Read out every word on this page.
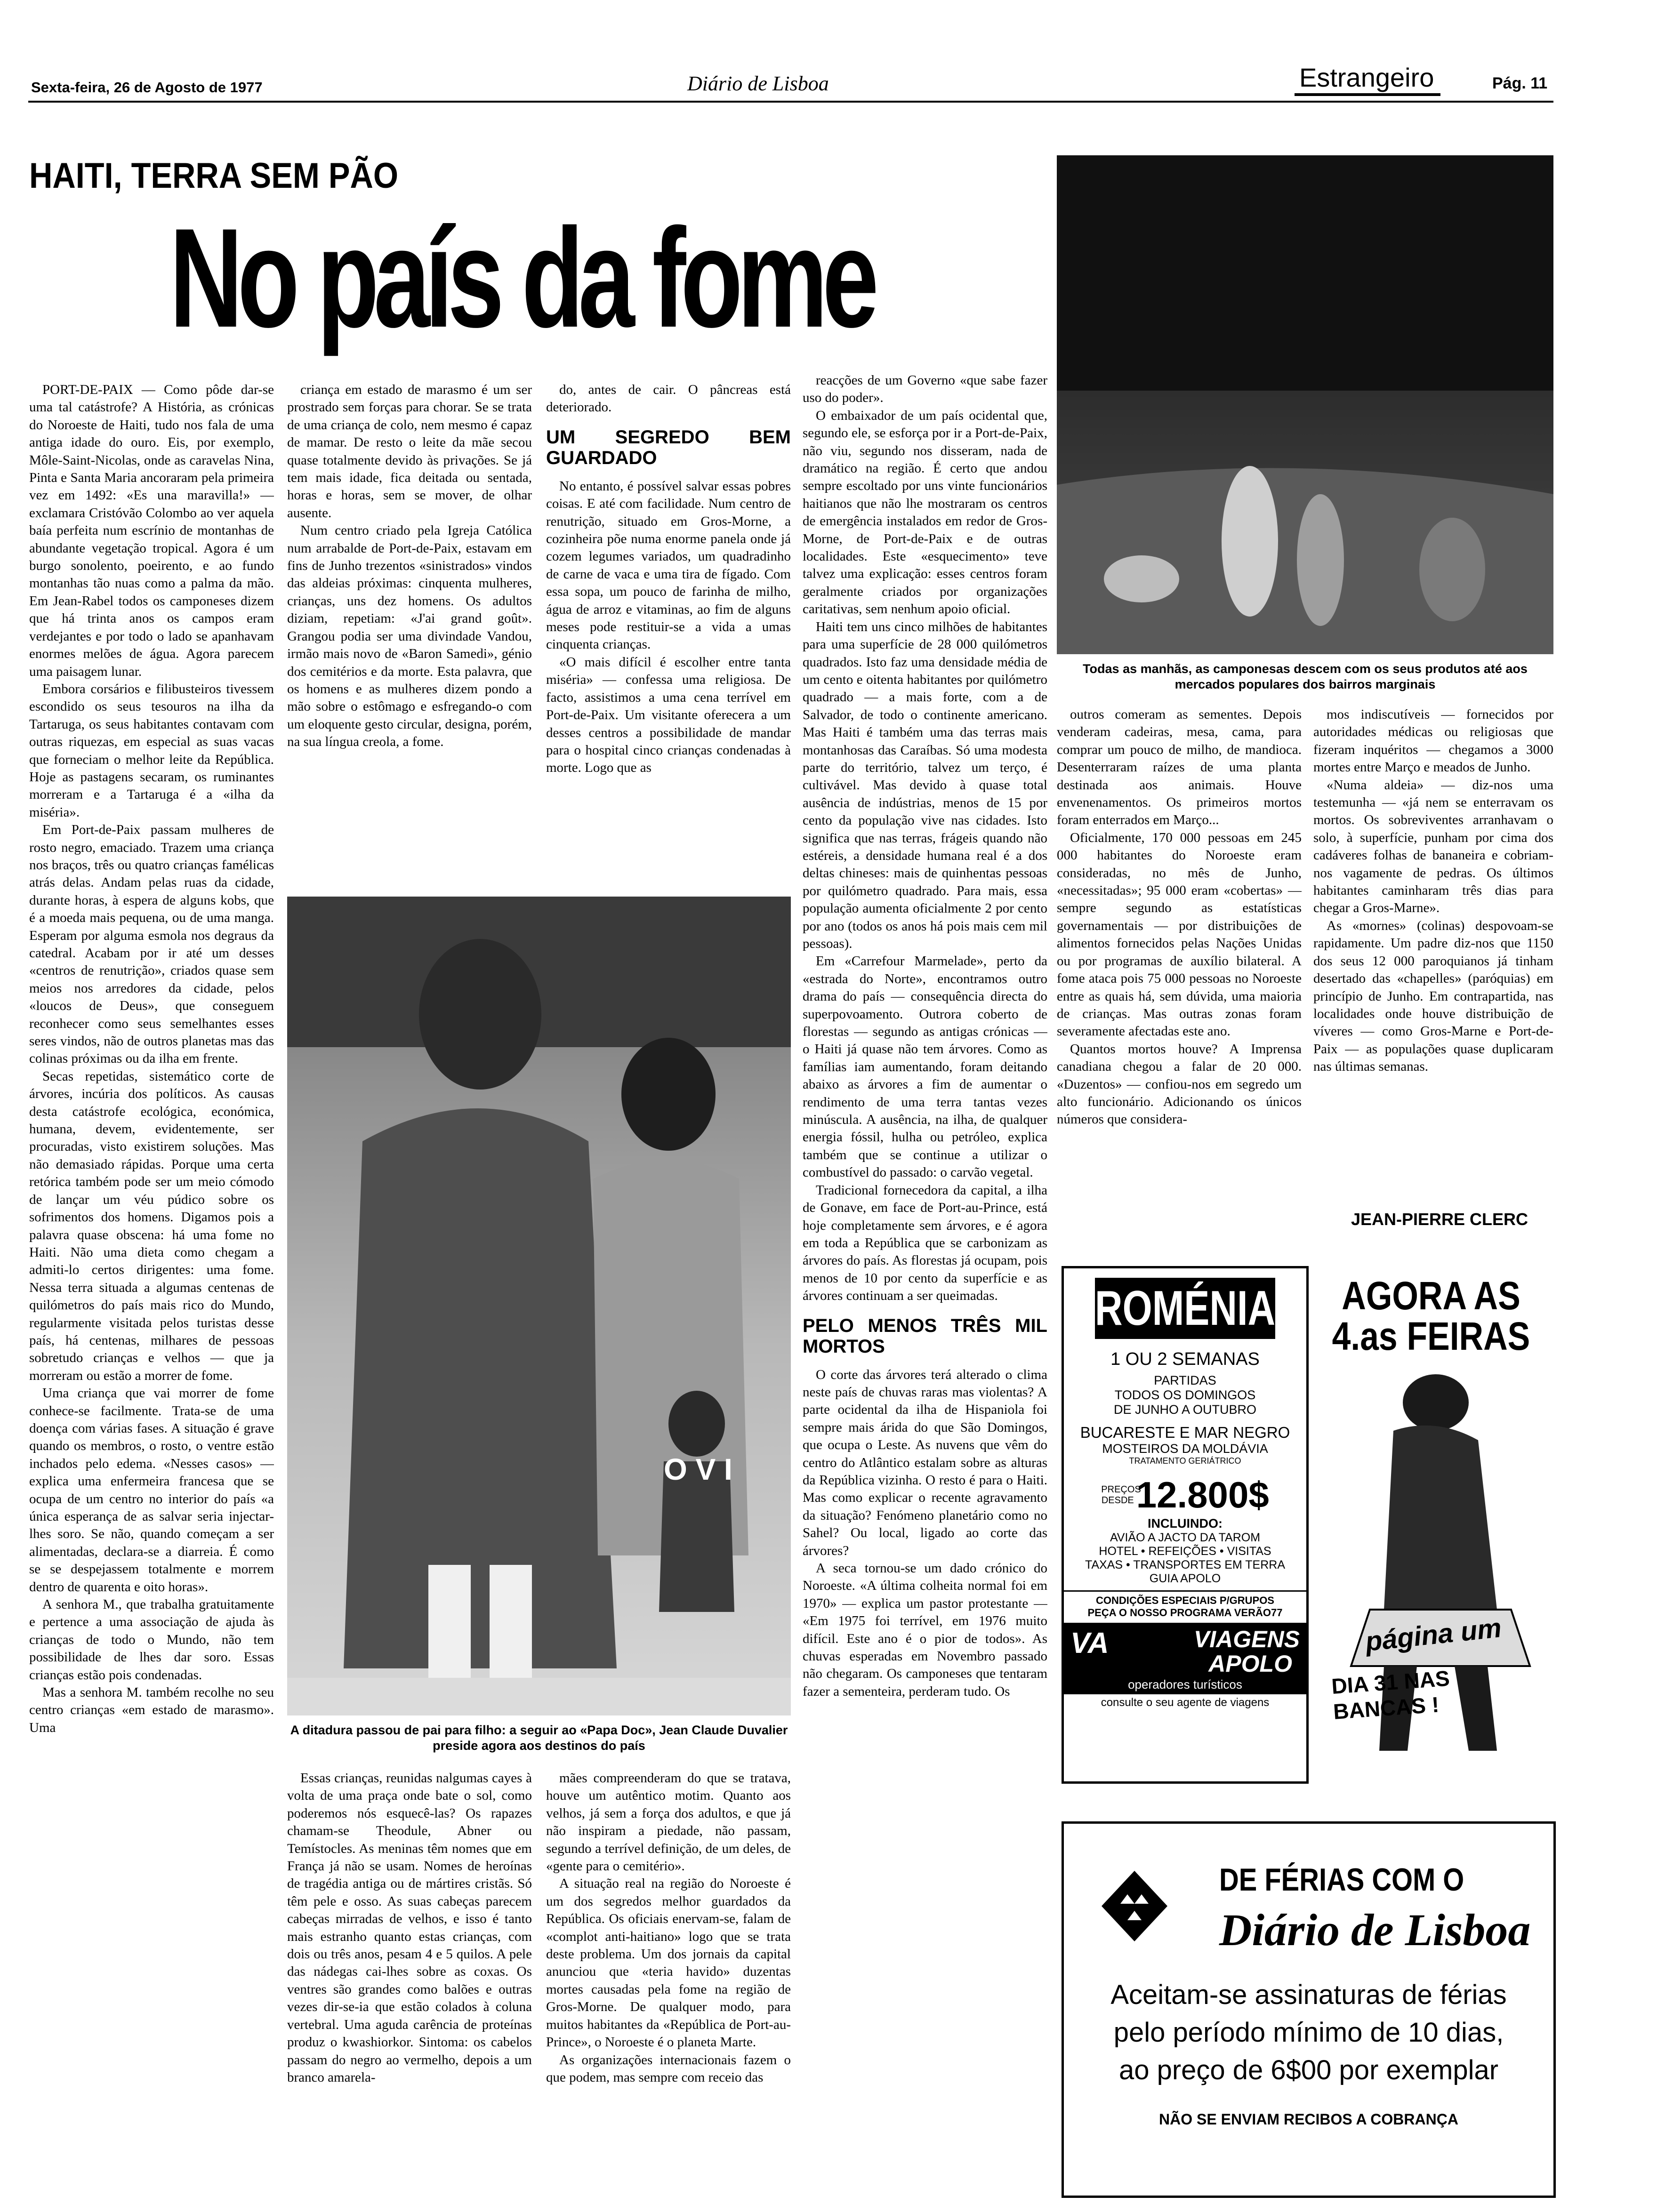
Sexta-feira, 26 de Agosto de 1977	Diário de Lisboa	Estrangeiro	Pág. 11
HAITI, TERRA SEM PÃO
No país da fome

PORT-DE-PAIX — Como pôde dar-se uma tal catástrofe? A História, as crónicas do Noroeste de Haiti, tudo nos fala de uma antiga idade do ouro. Eis, por exemplo, Môle-Saint-Nicolas, onde as caravelas Nina, Pinta e Santa Maria ancoraram pela primeira vez em 1492: «Es una maravilla!» — exclamara Cristóvão Colombo ao ver aquela baía perfeita num escrínio de montanhas de abundante vegetação tropical. Agora é um burgo sonolento, poeirento, e ao fundo montanhas tão nuas como a palma da mão. Em Jean-Rabel todos os camponeses dizem que há trinta anos os campos eram verdejantes e por todo o lado se apanhavam enormes melões de água. Agora parecem uma paisagem lunar.

Embora corsários e filibusteiros tivessem escondido os seus tesouros na ilha da Tartaruga, os seus habitantes contavam com outras riquezas, em especial as suas vacas que forneciam o melhor leite da República. Hoje as pastagens secaram, os ruminantes morreram e a Tartaruga é a «ilha da miséria».

Em Port-de-Paix passam mulheres de rosto negro, emaciado. Trazem uma criança nos braços, três ou quatro crianças famélicas atrás delas. Andam pelas ruas da cidade, durante horas, à espera de alguns kobs, que é a moeda mais pequena, ou de uma manga. Esperam por alguma esmola nos degraus da catedral. Acabam por ir até um desses «centros de renutrição», criados quase sem meios nos arredores da cidade, pelos «loucos de Deus», que conseguem reconhecer como seus semelhantes esses seres vindos, não de outros planetas mas das colinas próximas ou da ilha em frente.

Secas repetidas, sistemático corte de árvores, incúria dos políticos. As causas desta catástrofe ecológica, económica, humana, devem, evidentemente, ser procuradas, visto existirem soluções. Mas não demasiado rápidas. Porque uma certa retórica também pode ser um meio cómodo de lançar um véu púdico sobre os sofrimentos dos homens. Digamos pois a palavra quase obscena: há uma fome no Haiti. Não uma dieta como chegam a admiti-lo certos dirigentes: uma fome. Nessa terra situada a algumas centenas de quilómetros do país mais rico do Mundo, regularmente visitada pelos turistas desse país, há centenas, milhares de pessoas sobretudo crianças e velhos — que ja morreram ou estão a morrer de fome.

Uma criança que vai morrer de fome conhece-se facilmente. Trata-se de uma doença com várias fases. A situação é grave quando os membros, o rosto, o ventre estão inchados pelo edema. «Nesses casos» — explica uma enfermeira francesa que se ocupa de um centro no interior do país «a única esperança de as salvar seria injectar-lhes soro. Se não, quando começam a ser alimentadas, declara-se a diarreia. É como se se despejassem totalmente e morrem dentro de quarenta e oito horas».

A senhora M., que trabalha gratuitamente e pertence a uma associação de ajuda às crianças de todo o Mundo, não tem possibilidade de lhes dar soro. Essas crianças estão pois condenadas.

Mas a senhora M. também recolhe no seu centro crianças «em estado de marasmo». Uma

criança em estado de marasmo é um ser prostrado sem forças para chorar. Se se trata de uma criança de colo, nem mesmo é capaz de mamar. De resto o leite da mãe secou quase totalmente devido às privações. Se já tem mais idade, fica deitada ou sentada, horas e horas, sem se mover, de olhar ausente.

Num centro criado pela Igreja Católica num arrabalde de Port-de-Paix, estavam em fins de Junho trezentos «sinistrados» vindos das aldeias próximas: cinquenta mulheres, crianças, uns dez homens. Os adultos diziam, repetiam: «J'ai grand goût». Grangou podia ser uma divindade Vandou, irmão mais novo de «Baron Samedi», génio dos cemitérios e da morte. Esta palavra, que os homens e as mulheres dizem pondo a mão sobre o estômago e esfregando-o com um eloquente gesto circular, designa, porém, na sua língua creola, a fome.

do, antes de cair. O pâncreas está deteriorado.

UM SEGREDO BEM GUARDADO

No entanto, é possível salvar essas pobres coisas. E até com facilidade. Num centro de renutrição, situado em Gros-Morne, a cozinheira põe numa enorme panela onde já cozem legumes variados, um quadradinho de carne de vaca e uma tira de fígado. Com essa sopa, um pouco de farinha de milho, água de arroz e vitaminas, ao fim de alguns meses pode restituir-se a vida a umas cinquenta crianças.

«O mais difícil é escolher entre tanta miséria» — confessa uma religiosa. De facto, assistimos a uma cena terrível em Port-de-Paix. Um visitante oferecera a um desses centros a possibilidade de mandar para o hospital cinco crianças condenadas à morte. Logo que as

O V I
A ditadura passou de pai para filho: a seguir ao «Papa Doc», Jean Claude Duvalier preside agora aos destinos do país

Essas crianças, reunidas nalgumas cayes à volta de uma praça onde bate o sol, como poderemos nós esquecê-las? Os rapazes chamam-se Theodule, Abner ou Temístocles. As meninas têm nomes que em França já não se usam. Nomes de heroínas de tragédia antiga ou de mártires cristãs. Só têm pele e osso. As suas cabeças parecem cabeças mirradas de velhos, e isso é tanto mais estranho quanto estas crianças, com dois ou três anos, pesam 4 e 5 quilos. A pele das nádegas cai-lhes sobre as coxas. Os ventres são grandes como balões e outras vezes dir-se-ia que estão colados à coluna vertebral. Uma aguda carência de proteínas produz o kwashiorkor. Sintoma: os cabelos passam do negro ao vermelho, depois a um branco amarela-

mães compreenderam do que se tratava, houve um autêntico motim. Quanto aos velhos, já sem a força dos adultos, e que já não inspiram a piedade, não passam, segundo a terrível definição, de um deles, de «gente para o cemitério».

A situação real na região do Noroeste é um dos segredos melhor guardados da República. Os oficiais enervam-se, falam de «complot anti-haitiano» logo que se trata deste problema. Um dos jornais da capital anunciou que «teria havido» duzentas mortes causadas pela fome na região de Gros-Morne. De qualquer modo, para muitos habitantes da «República de Port-au-Prince», o Noroeste é o planeta Marte.

As organizações internacionais fazem o que podem, mas sempre com receio das

reacções de um Governo «que sabe fazer uso do poder».

O embaixador de um país ocidental que, segundo ele, se esforça por ir a Port-de-Paix, não viu, segundo nos disseram, nada de dramático na região. É certo que andou sempre escoltado por uns vinte funcionários haitianos que não lhe mostraram os centros de emergência instalados em redor de Gros-Morne, de Port-de-Paix e de outras localidades. Este «esquecimento» teve talvez uma explicação: esses centros foram geralmente criados por organizações caritativas, sem nenhum apoio oficial.

Haiti tem uns cinco milhões de habitantes para uma superfície de 28 000 quilómetros quadrados. Isto faz uma densidade média de um cento e oitenta habitantes por quilómetro quadrado — a mais forte, com a de Salvador, de todo o continente americano. Mas Haiti é também uma das terras mais montanhosas das Caraíbas. Só uma modesta parte do território, talvez um terço, é cultivável. Mas devido à quase total ausência de indústrias, menos de 15 por cento da população vive nas cidades. Isto significa que nas terras, frágeis quando não estéreis, a densidade humana real é a dos deltas chineses: mais de quinhentas pessoas por quilómetro quadrado. Para mais, essa população aumenta oficialmente 2 por cento por ano (todos os anos há pois mais cem mil pessoas).

Em «Carrefour Marmelade», perto da «estrada do Norte», encontramos outro drama do país — consequência directa do superpovoamento. Outrora coberto de florestas — segundo as antigas crónicas — o Haiti já quase não tem árvores. Como as famílias iam aumentando, foram deitando abaixo as árvores a fim de aumentar o rendimento de uma terra tantas vezes minúscula. A ausência, na ilha, de qualquer energia fóssil, hulha ou petróleo, explica também que se continue a utilizar o combustível do passado: o carvão vegetal.

Tradicional fornecedora da capital, a ilha de Gonave, em face de Port-au-Prince, está hoje completamente sem árvores, e é agora em toda a República que se carbonizam as árvores do país. As florestas já ocupam, pois menos de 10 por cento da superfície e as árvores continuam a ser queimadas.

PELO MENOS TRÊS MIL MORTOS

O corte das árvores terá alterado o clima neste país de chuvas raras mas violentas? A parte ocidental da ilha de Hispaniola foi sempre mais árida do que São Domingos, que ocupa o Leste. As nuvens que vêm do centro do Atlântico estalam sobre as alturas da República vizinha. O resto é para o Haiti. Mas como explicar o recente agravamento da situação? Fenómeno planetário como no Sahel? Ou local, ligado ao corte das árvores?

A seca tornou-se um dado crónico do Noroeste. «A última colheita normal foi em 1970» — explica um pastor protestante — «Em 1975 foi terrível, em 1976 muito difícil. Este ano é o pior de todos». As chuvas esperadas em Novembro passado não chegaram. Os camponeses que tentaram fazer a sementeira, perderam tudo. Os

Todas as manhãs, as camponesas descem com os seus produtos até aos mercados populares dos bairros marginais

outros comeram as sementes. Depois venderam cadeiras, mesa, cama, para comprar um pouco de milho, de mandioca. Desenterraram raízes de uma planta destinada aos animais. Houve envenenamentos. Os primeiros mortos foram enterrados em Março...

Oficialmente, 170 000 pessoas em 245 000 habitantes do Noroeste eram consideradas, no mês de Junho, «necessitadas»; 95 000 eram «cobertas» — sempre segundo as estatísticas governamentais — por distribuições de alimentos fornecidos pelas Nações Unidas ou por programas de auxílio bilateral. A fome ataca pois 75 000 pessoas no Noroeste entre as quais há, sem dúvida, uma maioria de crianças. Mas outras zonas foram severamente afectadas este ano.

Quantos mortos houve? A Imprensa canadiana chegou a falar de 20 000. «Duzentos» — confiou-nos em segredo um alto funcionário. Adicionando os únicos números que considera-

mos indiscutíveis — fornecidos por autoridades médicas ou religiosas que fizeram inquéritos — chegamos a 3000 mortes entre Março e meados de Junho.

«Numa aldeia» — diz-nos uma testemunha — «já nem se enterravam os mortos. Os sobreviventes arranhavam o solo, à superfície, punham por cima dos cadáveres folhas de bananeira e cobriam-nos vagamente de pedras. Os últimos habitantes caminharam três dias para chegar a Gros-Marne».

As «mornes» (colinas) despovoam-se rapidamente. Um padre diz-nos que 1150 dos seus 12 000 paroquianos já tinham desertado das «chapelles» (paróquias) em princípio de Junho. Em contrapartida, nas localidades onde houve distribuição de víveres — como Gros-Marne e Port-de-Paix — as populações quase duplicaram nas últimas semanas.

JEAN-PIERRE CLERC
ROMÉNIA
1 OU 2 SEMANAS
PARTIDAS
TODOS OS DOMINGOS
DE JUNHO A OUTUBRO
BUCARESTE E MAR NEGRO
MOSTEIROS DA MOLDÁVIA
TRATAMENTO GERIÁTRICO
PREÇOS DESDE 12.800$
INCLUINDO:
AVIÃO A JACTO DA TAROM
HOTEL • REFEIÇÕES • VISITAS
TAXAS • TRANSPORTES EM TERRA
GUIA APOLO
CONDIÇÕES ESPECIAIS P/GRUPOS
PEÇA O NOSSO PROGRAMA VERÃO77
VA	VIAGENS
APOLO
operadores turísticos
consulte o seu agente de viagens
AGORA AS
4.as FEIRAS
página um
DIA 31 NAS BANCAS !
DE FÉRIAS COM O
Diário de Lisboa
Aceitam-se assinaturas de férias
pelo período mínimo de 10 dias,
ao preço de 6$00 por exemplar
NÃO SE ENVIAM RECIBOS A COBRANÇA
